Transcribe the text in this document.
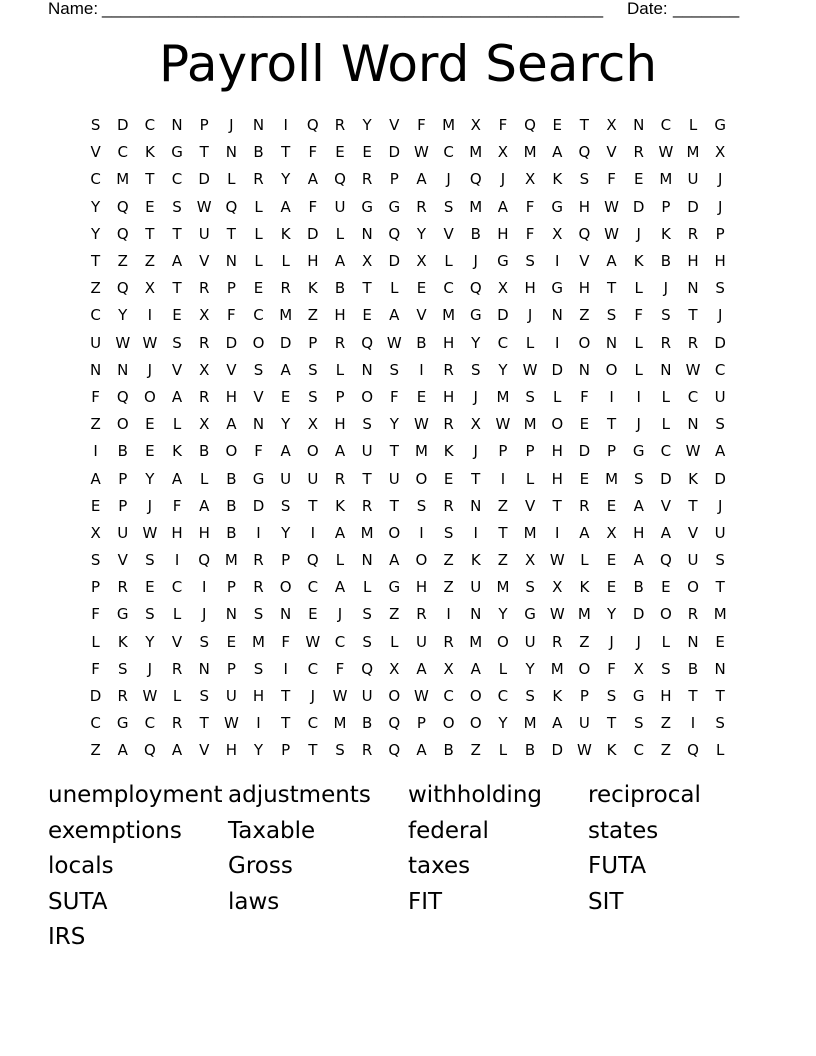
Name: _____________________________________________________ Date: _______
Payroll Word Search
S	D	C	N	P	J	N	I	Q	R	Y	V	F	M	X	F	Q	E	T	X	N	C	L	G
V	C	K	G	T	N	B	T	F	E	E	D W C	M	X	M	A	Q	V	R W M	X
C	M	T	C	D	L	R	Y	A	Q	R	P	A	J	Q	J	X	K	S	F	E	M	U	J
Y	Q	E	S W Q	L	A	F	U	G	G	R	S	M	A	F	G	H W D	P	D	J
Y	Q	T	T	U	T	L	K	D	L	N	Q	Y	V	B	H	F	X	Q W	J	K	R	P
T	Z	Z	A	V	N	L	L	H	A	X	D	X	L	J	G	S	I	V	A	K	B	H	H
Z	Q	X	T	R	P	E	R	K	B	T	L	E	C	Q	X	H	G	H	T	L	J	N	S
C	Y	I	E	X	F	C	M	Z	H	E	A	V	M G	D	J	N	Z	S	F	S	T	J
U W W S	R	D	O	D	P	R	Q W B	H	Y	C	L	I	O	N	L	R	R	D
N	N	J	V	X	V	S	A	S	L	N	S	I	R	S	Y	W D	N	O	L	N W C
F	Q	O	A	R	H	V	E	S	P	O	F	E	H	J	M	S	L	F	I	I	L	C	U
Z	O	E	L	X	A	N	Y	X	H	S	Y	W R	X W M O	E	T	J	L	N	S
I	B	E	K	B	O	F	A	O	A	U	T	M	K	J	P	P	H	D	P	G	C W A
A	P	Y	A	L	B	G	U	U	R	T	U	O	E	T	I	L	H	E	M	S	D	K	D
E	P	J	F	A	B	D	S	T	K	R	T	S	R	N	Z	V	T	R	E	A	V	T	J
X	U W H	H	B	I	Y	I	A	M O	I	S	I	T	M	I	A	X	H	A	V	U
S	V	S	I	Q M	R	P	Q	L	N	A	O	Z	K	Z	X W	L	E	A	Q	U	S
P	R	E	C	I	P	R	O	C	A	L	G	H	Z	U	M	S	X	K	E	B	E	O	T
F	G	S	L	J	N	S	N	E	J	S	Z	R	I	N	Y	G W M	Y	D	O	R	M
L	K	Y	V	S	E	M	F	W C	S	L	U	R	M O	U	R	Z	J	J	L	N	E
F	S	J	R	N	P	S	I	C	F	Q	X	A	X	A	L	Y	M O	F	X	S	B	N
D	R W	L	S	U	H	T	J	W U	O W C	O	C	S	K	P	S	G	H	T	T
C	G	C	R	T	W	I	T	C	M	B	Q	P	O	O	Y	M	A	U	T	S	Z	I	S
Z	A	Q	A	V	H	Y	P	T	S	R	Q	A	B	Z	L	B	D W K	C	Z	Q	L
unemployment adjustments	withholding	reciprocal
exemptions	Taxable	federal	states
locals	Gross	taxes	FUTA
SUTA	laws	FIT	SIT
IRS
